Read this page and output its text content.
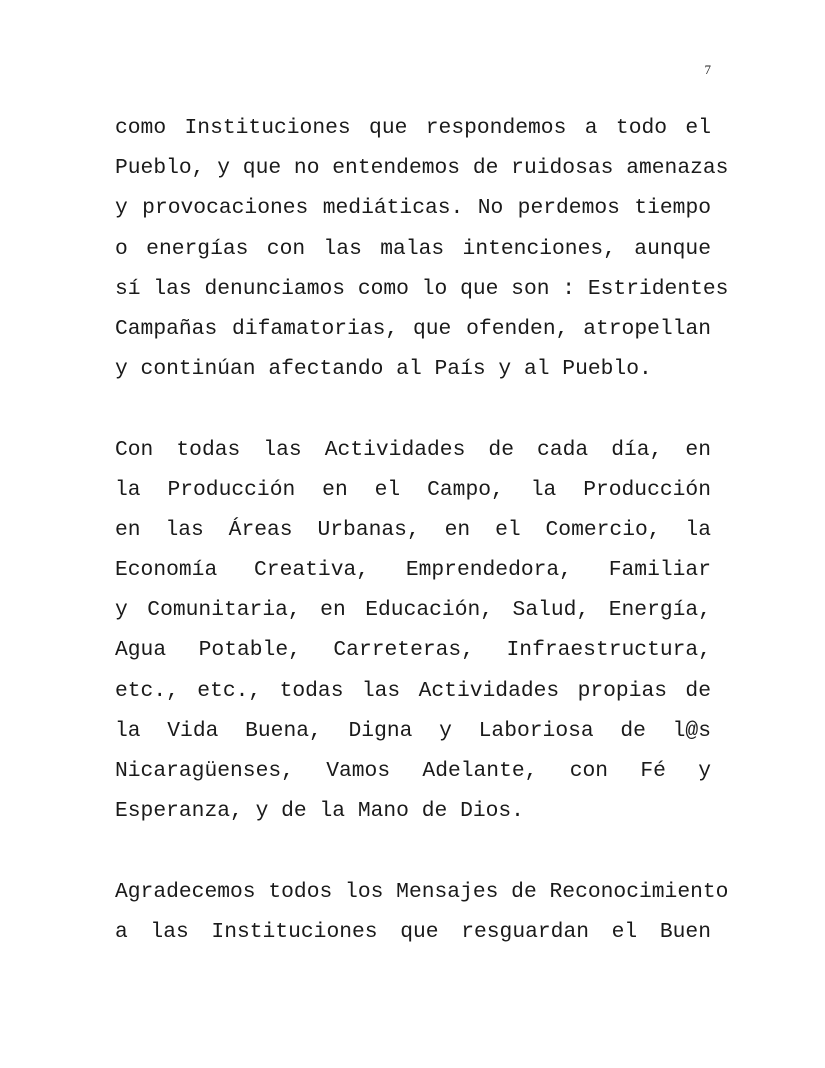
7

como Instituciones que respondemos a todo el
Pueblo, y que no entendemos de ruidosas amenazas
y provocaciones mediáticas. No perdemos tiempo
o energías con las malas intenciones, aunque
sí las denunciamos como lo que son : Estridentes
Campañas difamatorias, que ofenden, atropellan
y continúan afectando al País y al Pueblo.

Con todas las Actividades de cada día, en
la Producción en el Campo, la Producción
en las Áreas Urbanas, en el Comercio, la
Economía Creativa, Emprendedora, Familiar
y Comunitaria, en Educación, Salud, Energía,
Agua Potable, Carreteras, Infraestructura,
etc., etc., todas las Actividades propias de
la Vida Buena, Digna y Laboriosa de l@s
Nicaragüenses, Vamos Adelante, con Fé y
Esperanza, y de la Mano de Dios.

Agradecemos todos los Mensajes de Reconocimiento
a las Instituciones que resguardan el Buen
